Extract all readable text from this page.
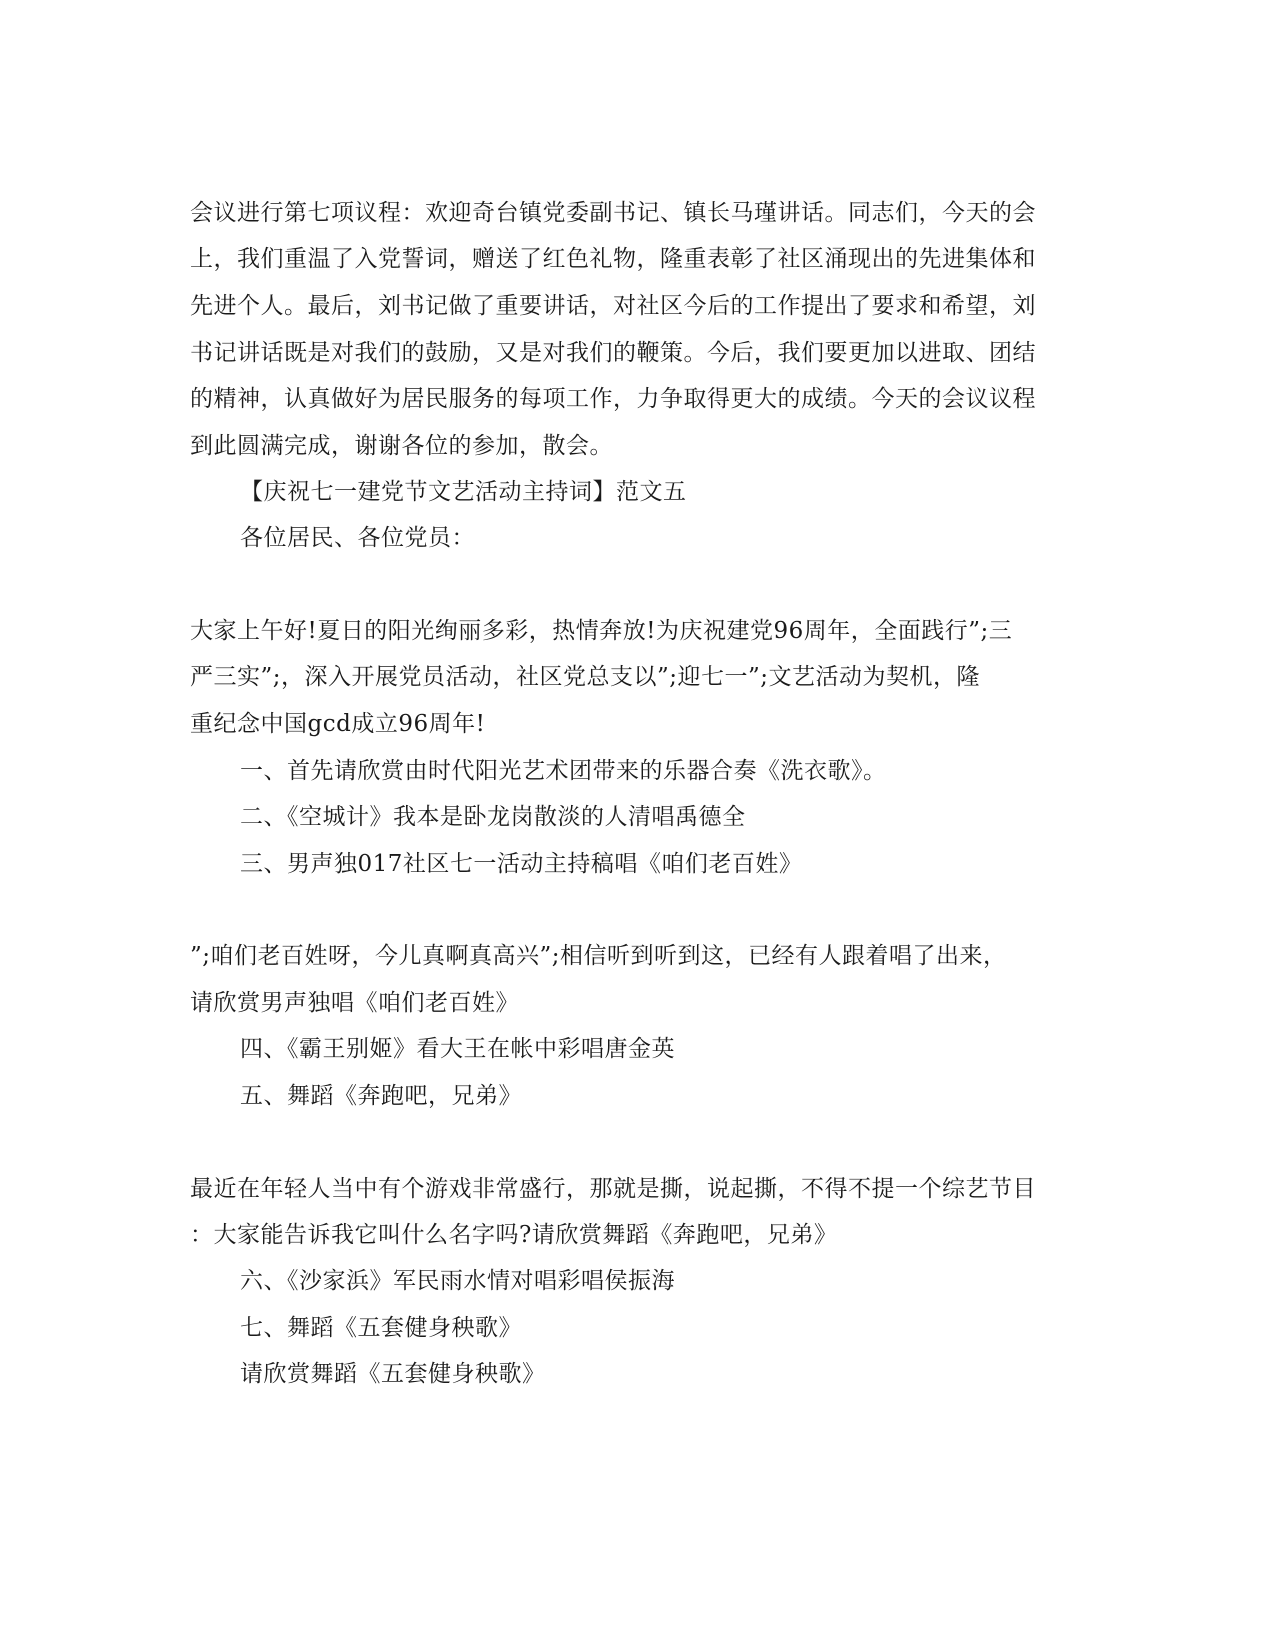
会议进行第七项议程：欢迎奇台镇党委副书记、镇长马瑾讲话。同志们，今天的会
上，我们重温了入党誓词，赠送了红色礼物，隆重表彰了社区涌现出的先进集体和
先进个人。最后，刘书记做了重要讲话，对社区今后的工作提出了要求和希望，刘
书记讲话既是对我们的鼓励，又是对我们的鞭策。今后，我们要更加以进取、团结
的精神，认真做好为居民服务的每项工作，力争取得更大的成绩。今天的会议议程
到此圆满完成，谢谢各位的参加，散会。
【庆祝七一建党节文艺活动主持词】范文五
各位居民、各位党员：
大家上午好!夏日的阳光绚丽多彩，热情奔放!为庆祝建党96周年，全面践行”;三
严三实”;，深入开展党员活动，社区党总支以”;迎七一”;文艺活动为契机，隆
重纪念中国gcd成立96周年!
一、首先请欣赏由时代阳光艺术团带来的乐器合奏《洗衣歌》。
二、《空城计》我本是卧龙岗散淡的人清唱禹德全
三、男声独017社区七一活动主持稿唱《咱们老百姓》
”;咱们老百姓呀，今儿真啊真高兴”;相信听到听到这，已经有人跟着唱了出来，
请欣赏男声独唱《咱们老百姓》
四、《霸王别姬》看大王在帐中彩唱唐金英
五、舞蹈《奔跑吧，兄弟》
最近在年轻人当中有个游戏非常盛行，那就是撕，说起撕，不得不提一个综艺节目
：大家能告诉我它叫什么名字吗?请欣赏舞蹈《奔跑吧，兄弟》
六、《沙家浜》军民雨水情对唱彩唱侯振海
七、舞蹈《五套健身秧歌》
请欣赏舞蹈《五套健身秧歌》
